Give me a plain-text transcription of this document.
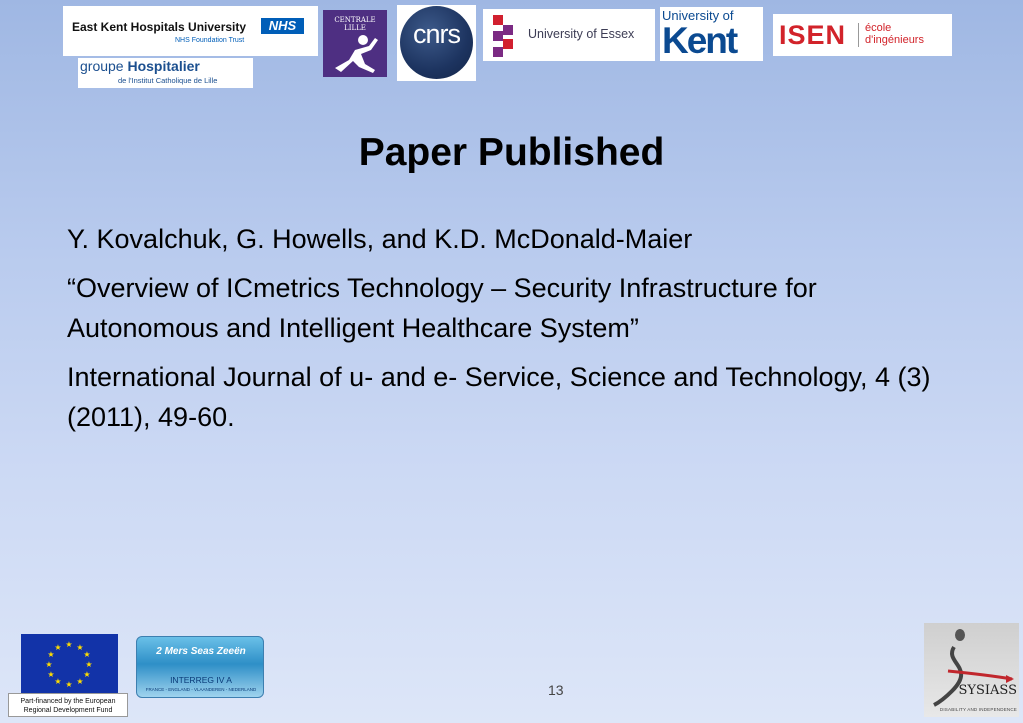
East Kent Hospitals University	NHS
NHS Foundation Trust
groupe Hospitalier
de l'Institut Catholique de Lille
CENTRALE
LILLE	cnrs	University of Essex
University of
Kent ISEN école
d'ingénieurs
Paper Published

Y. Kovalchuk, G. Howells, and K.D. McDonald-Maier

“Overview of ICmetrics Technology – Security Infrastructure for Autonomous and Intelligent Healthcare System”

International Journal of u- and e- Service, Science and Technology, 4 (3) (2011), 49-60.

★ ★
★
★
★
★
★
★
★
★
★
★
Part-financed by the European
Regional Development Fund
2 Mers Seas Zeeën
INTERREG IV A
FRANCE - ENGLAND - VLAANDEREN - NEDERLAND	13	SYSIASS
DISABILITY AND INDEPENDENCE
